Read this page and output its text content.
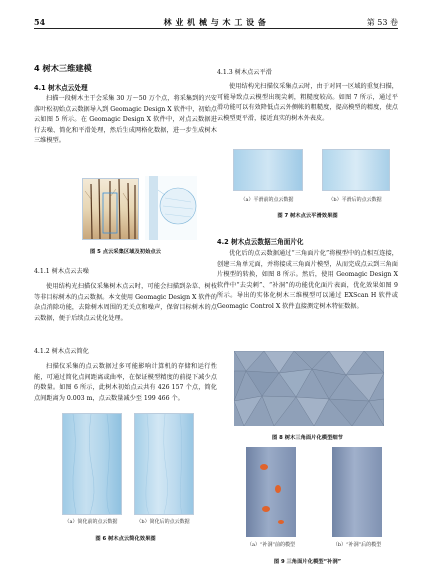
54	林 业 机 械 与 木 工 设 备	第 53 卷
4 树木三维建模
4.1 树木点云处理

扫描一段树木主干会采集 30 万～50 万个点，将采集到的兴安落叶松初始点云数据导入到 Geomagic Design X 软件中，初始点云如图 5 所示。在 Geomagic Design X 软件中，对点云数据进行去噪、简化和平滑处理，然后生成网格化数据，进一步生成树木三维模型。

图 5 点云采集区域及初始点云
4.1.1 树木点云去噪

使用结构光扫描仪采集树木点云时，可能会扫描到杂草、树枝等非目标树木的点云数据。本文使用 Geomagic Design X 软件的杂点消除功能，去除树木周围的无关点和噪声，保留目标树木的点云数据，便于后续点云优化处理。

4.1.2 树木点云简化

扫描仪采集的点云数据过多可能影响计算机的存储和运行性能，可通过简化点间距离或曲率，在保证模型精度的前提下减少点的数量。如图 6 所示，此树木初始点云共有 426 157 个点，简化点间距离为 0.003 m，点云数量减少至 199 466 个。

（a）简化前的点云数据	（b）简化后的点云数据
图 6 树木点云简化效果图
4.1.3 树木点云平滑

使用结构光扫描仪采集点云时，由于对同一区域的重复扫描，可能导致点云模型出现尖刺，粗糙度较高。如图 7 所示，通过平滑功能可以有效降低点云外侧帐的粗糙度，提高模型的精度，使点云模型更平滑，接近真实的树木外表皮。

（a）平滑前的点云数据	（b）平滑后的点云数据
图 7 树木点云平滑效果图
4.2 树木点云数据三角面片化

优化后的点云数据通过“三角面片化”将模型中的点相互连接，创建三角单元面，并将接成三角面片模型，从而完成点云到三角面片模型的转换，如图 8 所示。然后，使用 Geomagic Design X 软件中“去尖刺”、“补洞”的功能优化面片表面，优化效果如图 9 所示。导出的实体化树木三维模型可以通过 EXScan H 软件或 Geomagic Control X 软件直接测定树木特征数据。

图 8 树木三角面片化模型细节
（a）“补洞”前的模型	（b）“补洞”后的模型
图 9 三角面片化模型“补洞”
